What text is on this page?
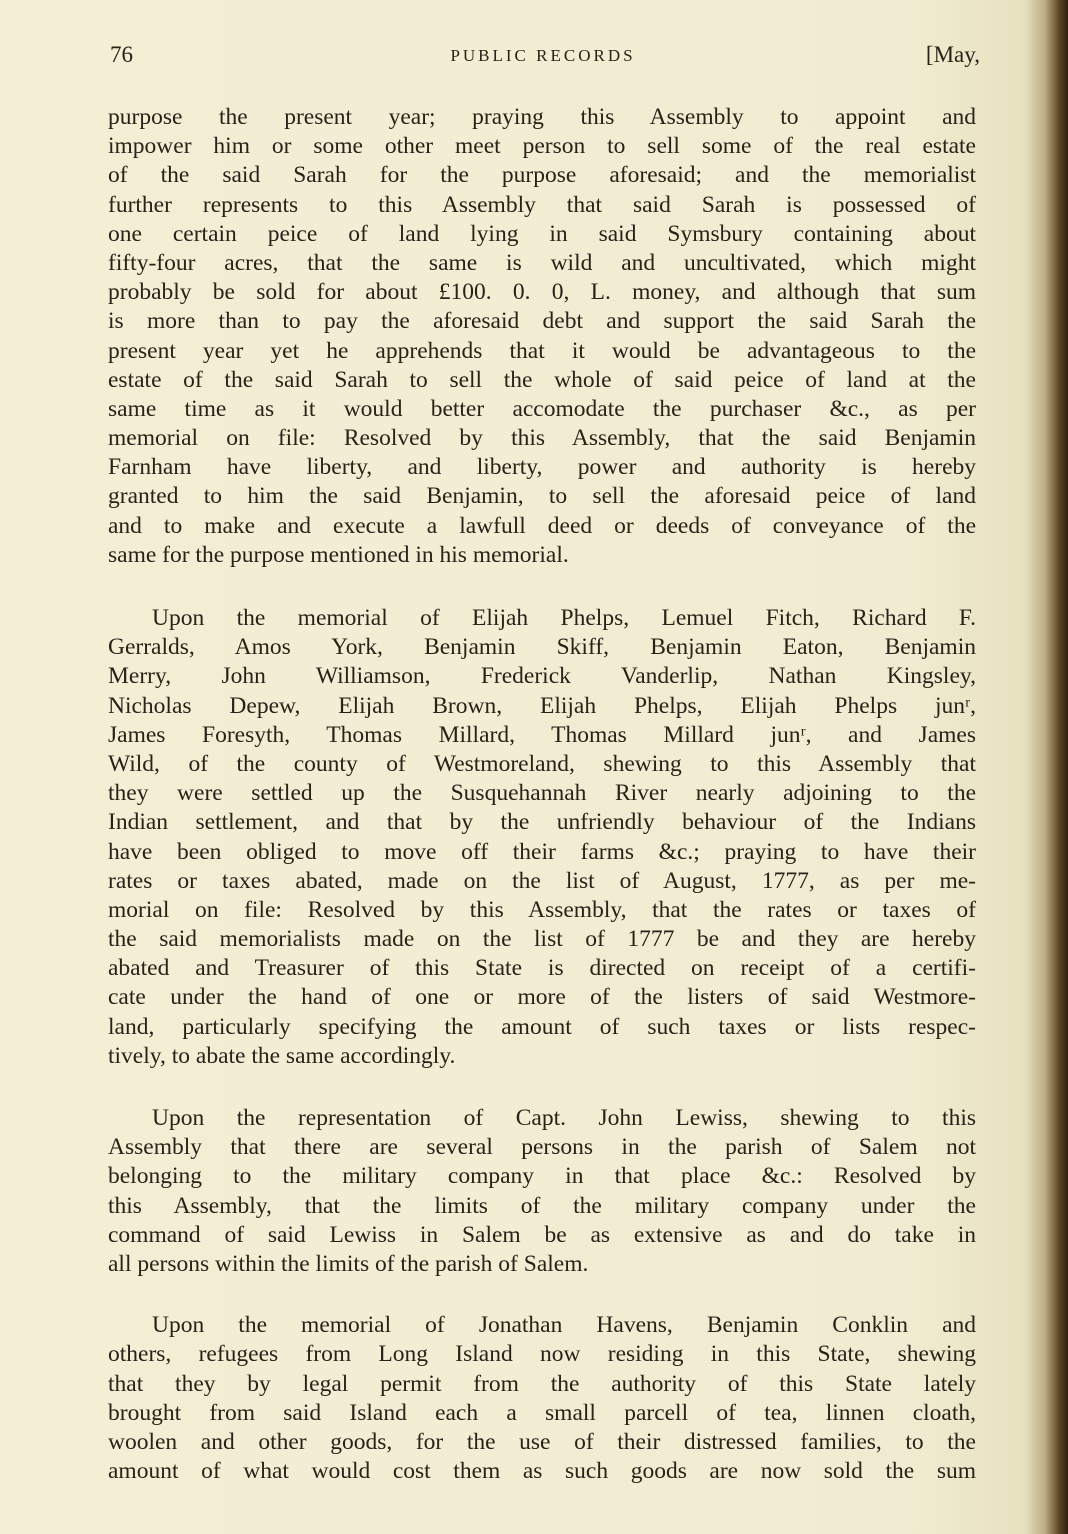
76	PUBLIC RECORDS	[May,
purpose the present year; praying this Assembly to appoint and
impower him or some other meet person to sell some of the real estate
of the said Sarah for the purpose aforesaid; and the memorialist
further represents to this Assembly that said Sarah is possessed of
one certain peice of land lying in said Symsbury containing about
fifty-four acres, that the same is wild and uncultivated, which might
probably be sold for about £100. 0. 0, L. money, and although that sum
is more than to pay the aforesaid debt and support the said Sarah the
present year yet he apprehends that it would be advantageous to the
estate of the said Sarah to sell the whole of said peice of land at the
same time as it would better accomodate the purchaser &c., as per
memorial on file: Resolved by this Assembly, that the said Benjamin
Farnham have liberty, and liberty, power and authority is hereby
granted to him the said Benjamin, to sell the aforesaid peice of land
and to make and execute a lawfull deed or deeds of conveyance of the
same for the purpose mentioned in his memorial.
Upon the memorial of Elijah Phelps, Lemuel Fitch, Richard F.
Gerralds, Amos York, Benjamin Skiff, Benjamin Eaton, Benjamin
Merry, John Williamson, Frederick Vanderlip, Nathan Kingsley,
Nicholas Depew, Elijah Brown, Elijah Phelps, Elijah Phelps junʳ,
James Foresyth, Thomas Millard, Thomas Millard junʳ, and James
Wild, of the county of Westmoreland, shewing to this Assembly that
they were settled up the Susquehannah River nearly adjoining to the
Indian settlement, and that by the unfriendly behaviour of the Indians
have been obliged to move off their farms &c.; praying to have their
rates or taxes abated, made on the list of August, 1777, as per me-
morial on file: Resolved by this Assembly, that the rates or taxes of
the said memorialists made on the list of 1777 be and they are hereby
abated and Treasurer of this State is directed on receipt of a certifi-
cate under the hand of one or more of the listers of said Westmore-
land, particularly specifying the amount of such taxes or lists respec-
tively, to abate the same accordingly.
Upon the representation of Capt. John Lewiss, shewing to this
Assembly that there are several persons in the parish of Salem not
belonging to the military company in that place &c.: Resolved by
this Assembly, that the limits of the military company under the
command of said Lewiss in Salem be as extensive as and do take in
all persons within the limits of the parish of Salem.
Upon the memorial of Jonathan Havens, Benjamin Conklin and
others, refugees from Long Island now residing in this State, shewing
that they by legal permit from the authority of this State lately
brought from said Island each a small parcell of tea, linnen cloath,
woolen and other goods, for the use of their distressed families, to the
amount of what would cost them as such goods are now sold the sum
